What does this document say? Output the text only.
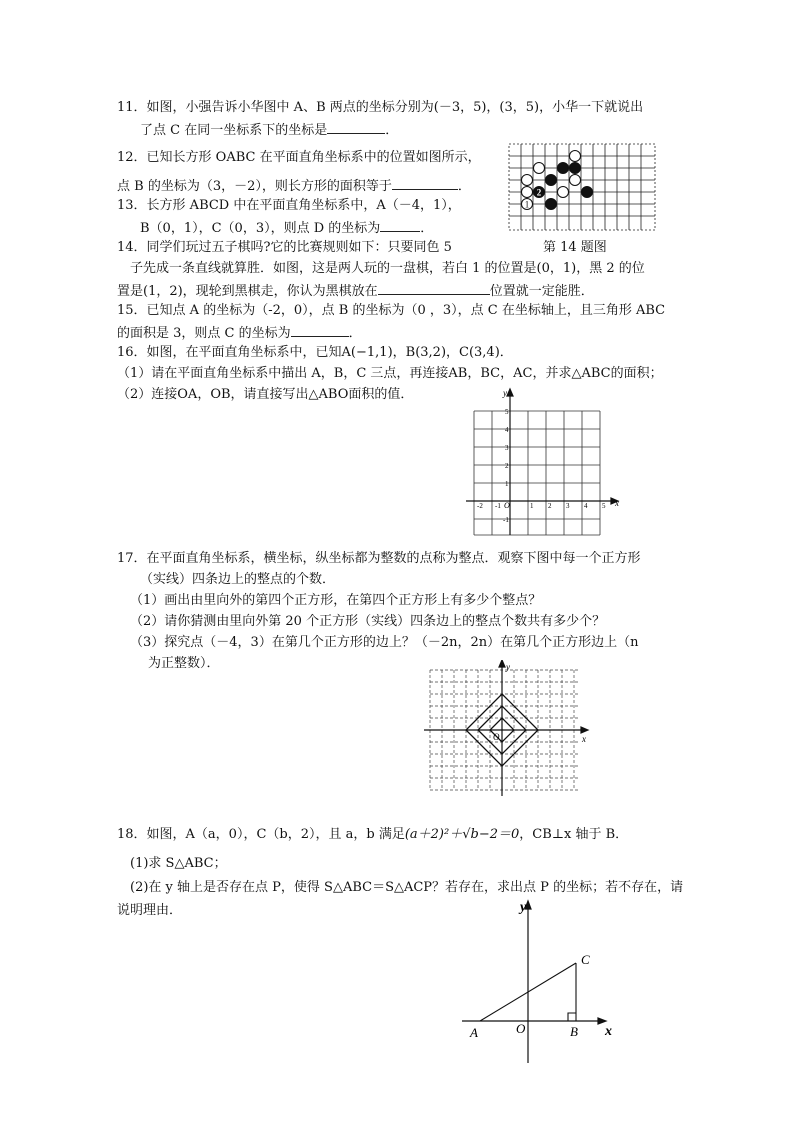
11．如图，小强告诉小华图中 A、B 两点的坐标分别为(－3，5)，(3，5)，小华一下就说出
了点 C 在同一坐标系下的坐标是	．
12．已知长方形 OABC 在平面直角坐标系中的位置如图所示，
点 B 的坐标为（3，－2），则长方形的面积等于	．
13．长方形 ABCD 中在平面直角坐标系中，A（－4，1），
B（0，1），C（0，3），则点 D 的坐标为	．
2
1
14．同学们玩过五子棋吗?它的比赛规则如下：只要同色 5	第 14 题图
子先成一条直线就算胜．如图，这是两人玩的一盘棋，若白 1 的位置是(0，1)，黑 2 的位
置是(1，2)，现轮到黑棋走，你认为黑棋放在	位置就一定能胜．
15．已知点 A 的坐标为（-2，0），点 B 的坐标为（0 ，3），点 C 在坐标轴上，且三角形 ABC
的面积是 3，则点 C 的坐标为	．
16．如图，在平面直角坐标系中，已知A(−1,1)，B(3,2)，C(3,4)．
（1）请在平面直角坐标系中描出 A，B，C 三点，再连接AB，BC，AC，并求△ABC的面积；
（2）连接OA，OB，请直接写出△ABO面积的值．
x
y
O
-2 -1	1 2 3 4 5
5
4
3
2
1
-1
17．在平面直角坐标系，横坐标，纵坐标都为整数的点称为整点．观察下图中每一个正方形
（实线）四条边上的整点的个数．
（1）画出由里向外的第四个正方形，在第四个正方形上有多少个整点？
（2）请你猜测由里向外第 20 个正方形（实线）四条边上的整点个数共有多少个？
（3）探究点（－4，3）在第几个正方形的边上？（－2n，2n）在第几个正方形边上（n
为正整数）．
x
y
O
18．如图，A（a，0），C（b，2），且 a，b 满足(a＋2)²＋√b−2＝0，CB⊥x 轴于 B．
(1)求 S△ABC；
(2)在 y 轴上是否存在点 P，使得 S△ABC＝S△ACP？若存在，求出点 P 的坐标；若不存在，请
说明理由．	y
x
C
A	O	B
